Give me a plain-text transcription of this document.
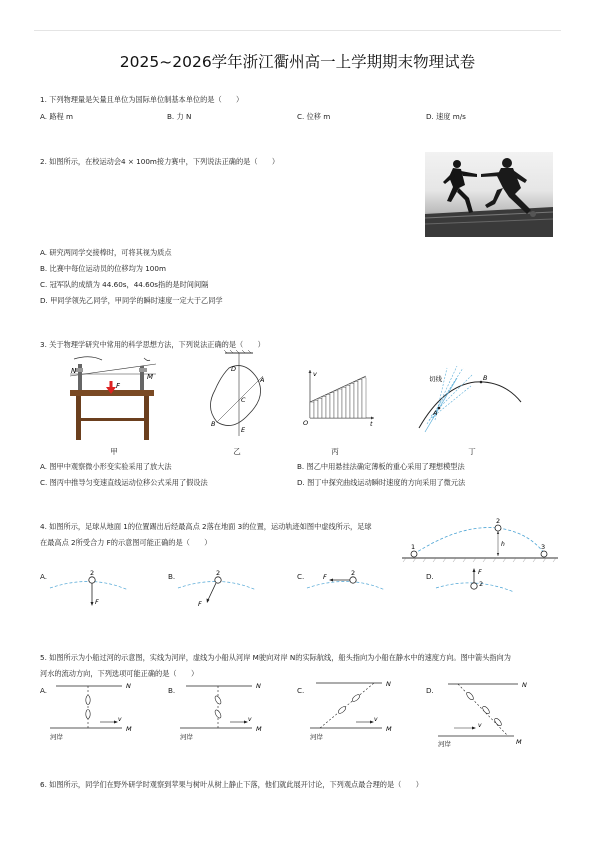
2025~2026学年浙江衢州高一上学期期末物理试卷
1. 下列物理量是矢量且单位为国际单位制基本单位的是（　　）
A. 路程 m	B. 力 N	C. 位移 m	D. 速度 m/s
2. 如图所示，在校运动会4 × 100m接力赛中，下列说法正确的是（　　）
A. 研究两同学交接棒时，可将其视为质点
B. 比赛中每位运动员的位移均为 100m
C. 冠军队的成绩为 44.60s，44.60s指的是时间间隔
D. 甲同学领先乙同学，甲同学的瞬时速度一定大于乙同学
3. 关于物理学研究中常用的科学思想方法，下列说法正确的是（　　）
N
M
F
D
A
C
B
E
v
O	t
切线	B
A
甲	乙	丙	丁
A. 图甲中观察微小形变实验采用了放大法	B. 图乙中用悬挂法确定薄板的重心采用了理想模型法
C. 图丙中推导匀变速直线运动位移公式采用了假设法	D. 图丁中探究曲线运动瞬时速度的方向采用了微元法
4. 如图所示，足球从地面 1的位置踢出后经最高点 2落在地面 3的位置，运动轨迹如图中虚线所示，足球
在最高点 2所受合力 F的示意图可能正确的是（　　）	1
2
3
h
A.	2
F
B.	2
F
C.	2
F	D.
2
F
5. 如图所示为小船过河的示意图，实线为河岸，虚线为小船从河岸 M驶向对岸 N的实际航线，船头指向为小船在静水中的速度方向。图中箭头指向为
河水的流动方向，下列选项可能正确的是（　　）
A.	N
M
v
河岸
B.	N
M
v
河岸
C.
N
M
v
河岸
D.
N
M
v
河岸
6. 如图所示，同学们在野外研学时观察到苹果与树叶从树上静止下落，他们就此展开讨论，下列观点最合理的是（　　）
